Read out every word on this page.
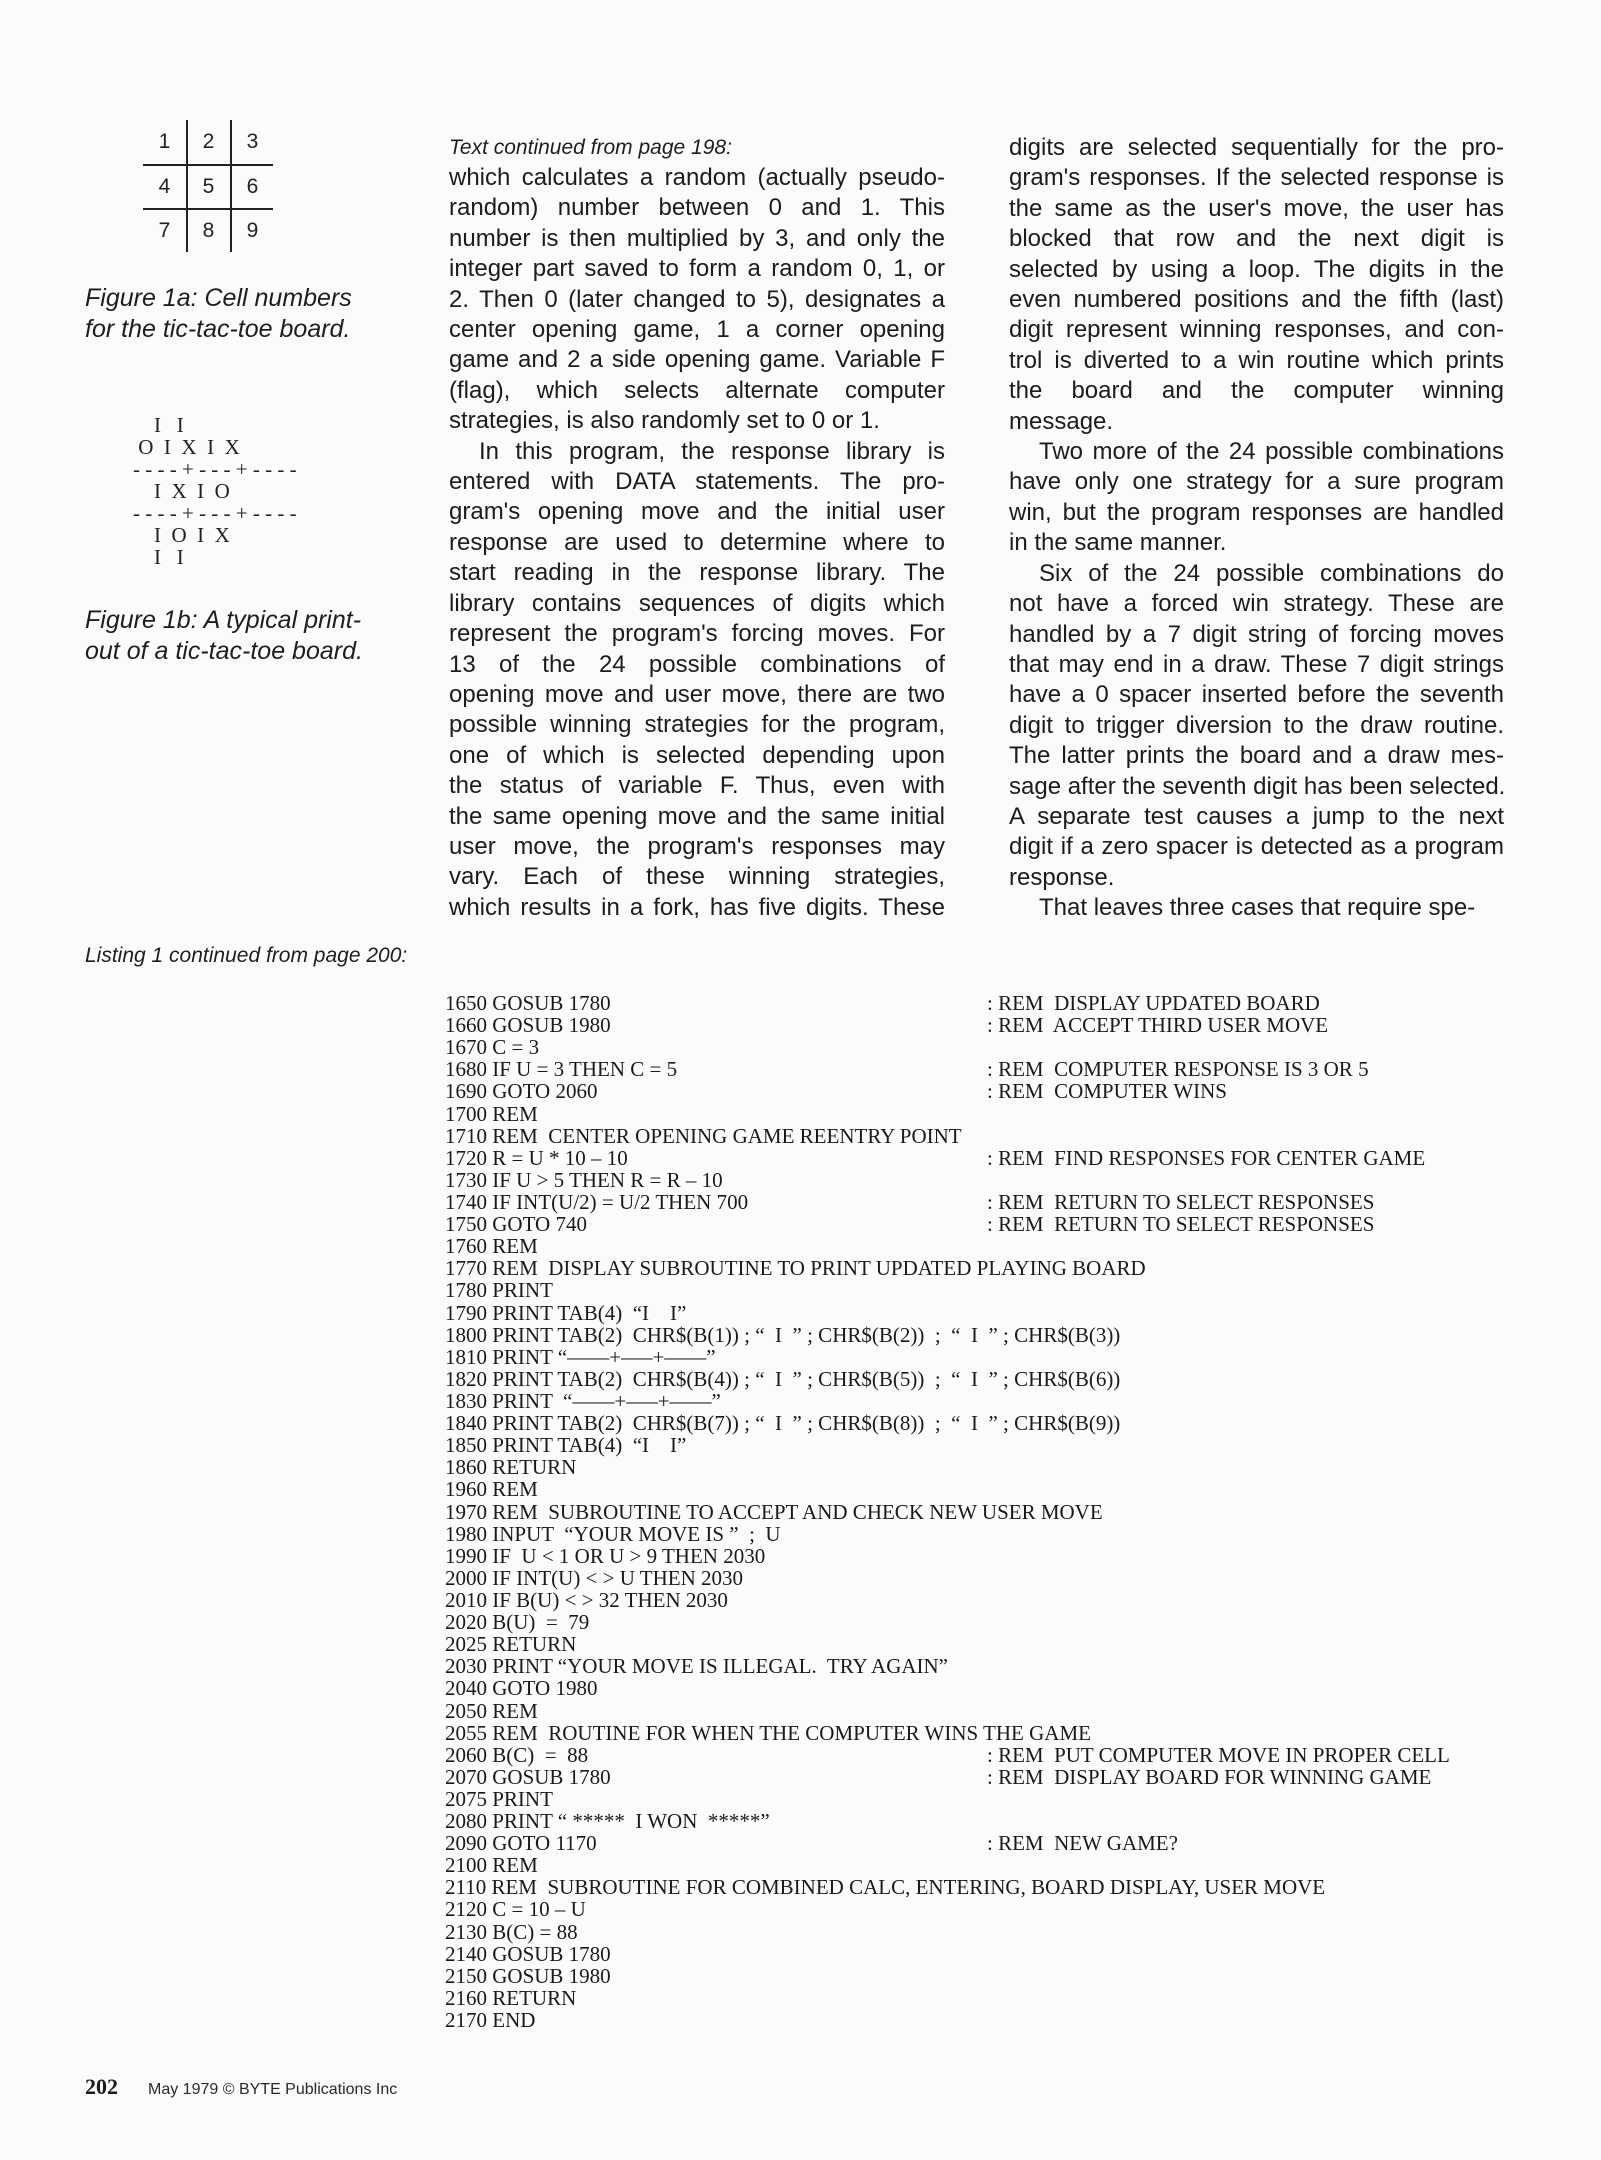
1	2	3
4	5	6
7	8	9

Figure 1a: Cell numbers
for the tic-tac-toe board.

I   I
O  I  X  I  X
- - - - + - - - + - - - -
I  X  I  O
- - - - + - - - + - - - -
I  O  I  X
I   I

Figure 1b: A typical print-
out of a tic-tac-toe board.

Text continued from page 198:
which calculates a random (actually pseudo-
random) number between 0 and 1. This
number is then multiplied by 3, and only the
integer part saved to form a random 0, 1, or
2. Then 0 (later changed to 5), designates a
center opening game, 1 a corner opening
game and 2 a side opening game. Variable F
(flag), which selects alternate computer
strategies, is also randomly set to 0 or 1.
In this program, the response library is
entered with DATA statements. The pro-
gram's opening move and the initial user
response are used to determine where to
start reading in the response library. The
library contains sequences of digits which
represent the program's forcing moves. For
13 of the 24 possible combinations of
opening move and user move, there are two
possible winning strategies for the program,
one of which is selected depending upon
the status of variable F. Thus, even with
the same opening move and the same initial
user move, the program's responses may
vary. Each of these winning strategies,
which results in a fork, has five digits. These
digits are selected sequentially for the pro-
gram's responses. If the selected response is
the same as the user's move, the user has
blocked that row and the next digit is
selected by using a loop. The digits in the
even numbered positions and the fifth (last)
digit represent winning responses, and con-
trol is diverted to a win routine which prints
the board and the computer winning
message.
Two more of the 24 possible combinations
have only one strategy for a sure program
win, but the program responses are handled
in the same manner.
Six of the 24 possible combinations do
not have a forced win strategy. These are
handled by a 7 digit string of forcing moves
that may end in a draw. These 7 digit strings
have a 0 spacer inserted before the seventh
digit to trigger diversion to the draw routine.
The latter prints the board and a draw mes-
sage after the seventh digit has been selected.
A separate test causes a jump to the next
digit if a zero spacer is detected as a program
response.
That leaves three cases that require spe-
Listing 1 continued from page 200:
1650 GOSUB 1780	: REM  DISPLAY UPDATED BOARD
1660 GOSUB 1980	: REM  ACCEPT THIRD USER MOVE
1670 C = 3
1680 IF U = 3 THEN C = 5	: REM  COMPUTER RESPONSE IS 3 OR 5
1690 GOTO 2060	: REM  COMPUTER WINS
1700 REM
1710 REM  CENTER OPENING GAME REENTRY POINT
1720 R = U * 10 – 10	: REM  FIND RESPONSES FOR CENTER GAME
1730 IF U > 5 THEN R = R – 10
1740 IF INT(U/2) = U/2 THEN 700	: REM  RETURN TO SELECT RESPONSES
1750 GOTO 740	: REM  RETURN TO SELECT RESPONSES
1760 REM
1770 REM  DISPLAY SUBROUTINE TO PRINT UPDATED PLAYING BOARD
1780 PRINT
1790 PRINT TAB(4)  “I    I”
1800 PRINT TAB(2)  CHR$(B(1)) ; “  I  ” ; CHR$(B(2))  ;  “  I  ” ; CHR$(B(3))
1810 PRINT “––––+–––+––––”
1820 PRINT TAB(2)  CHR$(B(4)) ; “  I  ” ; CHR$(B(5))  ;  “  I  ” ; CHR$(B(6))
1830 PRINT  “––––+–––+––––”
1840 PRINT TAB(2)  CHR$(B(7)) ; “  I  ” ; CHR$(B(8))  ;  “  I  ” ; CHR$(B(9))
1850 PRINT TAB(4)  “I    I”
1860 RETURN
1960 REM
1970 REM  SUBROUTINE TO ACCEPT AND CHECK NEW USER MOVE
1980 INPUT  “YOUR MOVE IS ”  ;  U
1990 IF  U < 1 OR U > 9 THEN 2030
2000 IF INT(U) < > U THEN 2030
2010 IF B(U) < > 32 THEN 2030
2020 B(U)  =  79
2025 RETURN
2030 PRINT “YOUR MOVE IS ILLEGAL.  TRY AGAIN”
2040 GOTO 1980
2050 REM
2055 REM  ROUTINE FOR WHEN THE COMPUTER WINS THE GAME
2060 B(C)  =  88	: REM  PUT COMPUTER MOVE IN PROPER CELL
2070 GOSUB 1780	: REM  DISPLAY BOARD FOR WINNING GAME
2075 PRINT
2080 PRINT “ *****  I WON  *****”
2090 GOTO 1170	: REM  NEW GAME?
2100 REM
2110 REM  SUBROUTINE FOR COMBINED CALC, ENTERING, BOARD DISPLAY, USER MOVE
2120 C = 10 – U
2130 B(C) = 88
2140 GOSUB 1780
2150 GOSUB 1980
2160 RETURN
2170 END
202 May 1979 © BYTE Publications Inc
